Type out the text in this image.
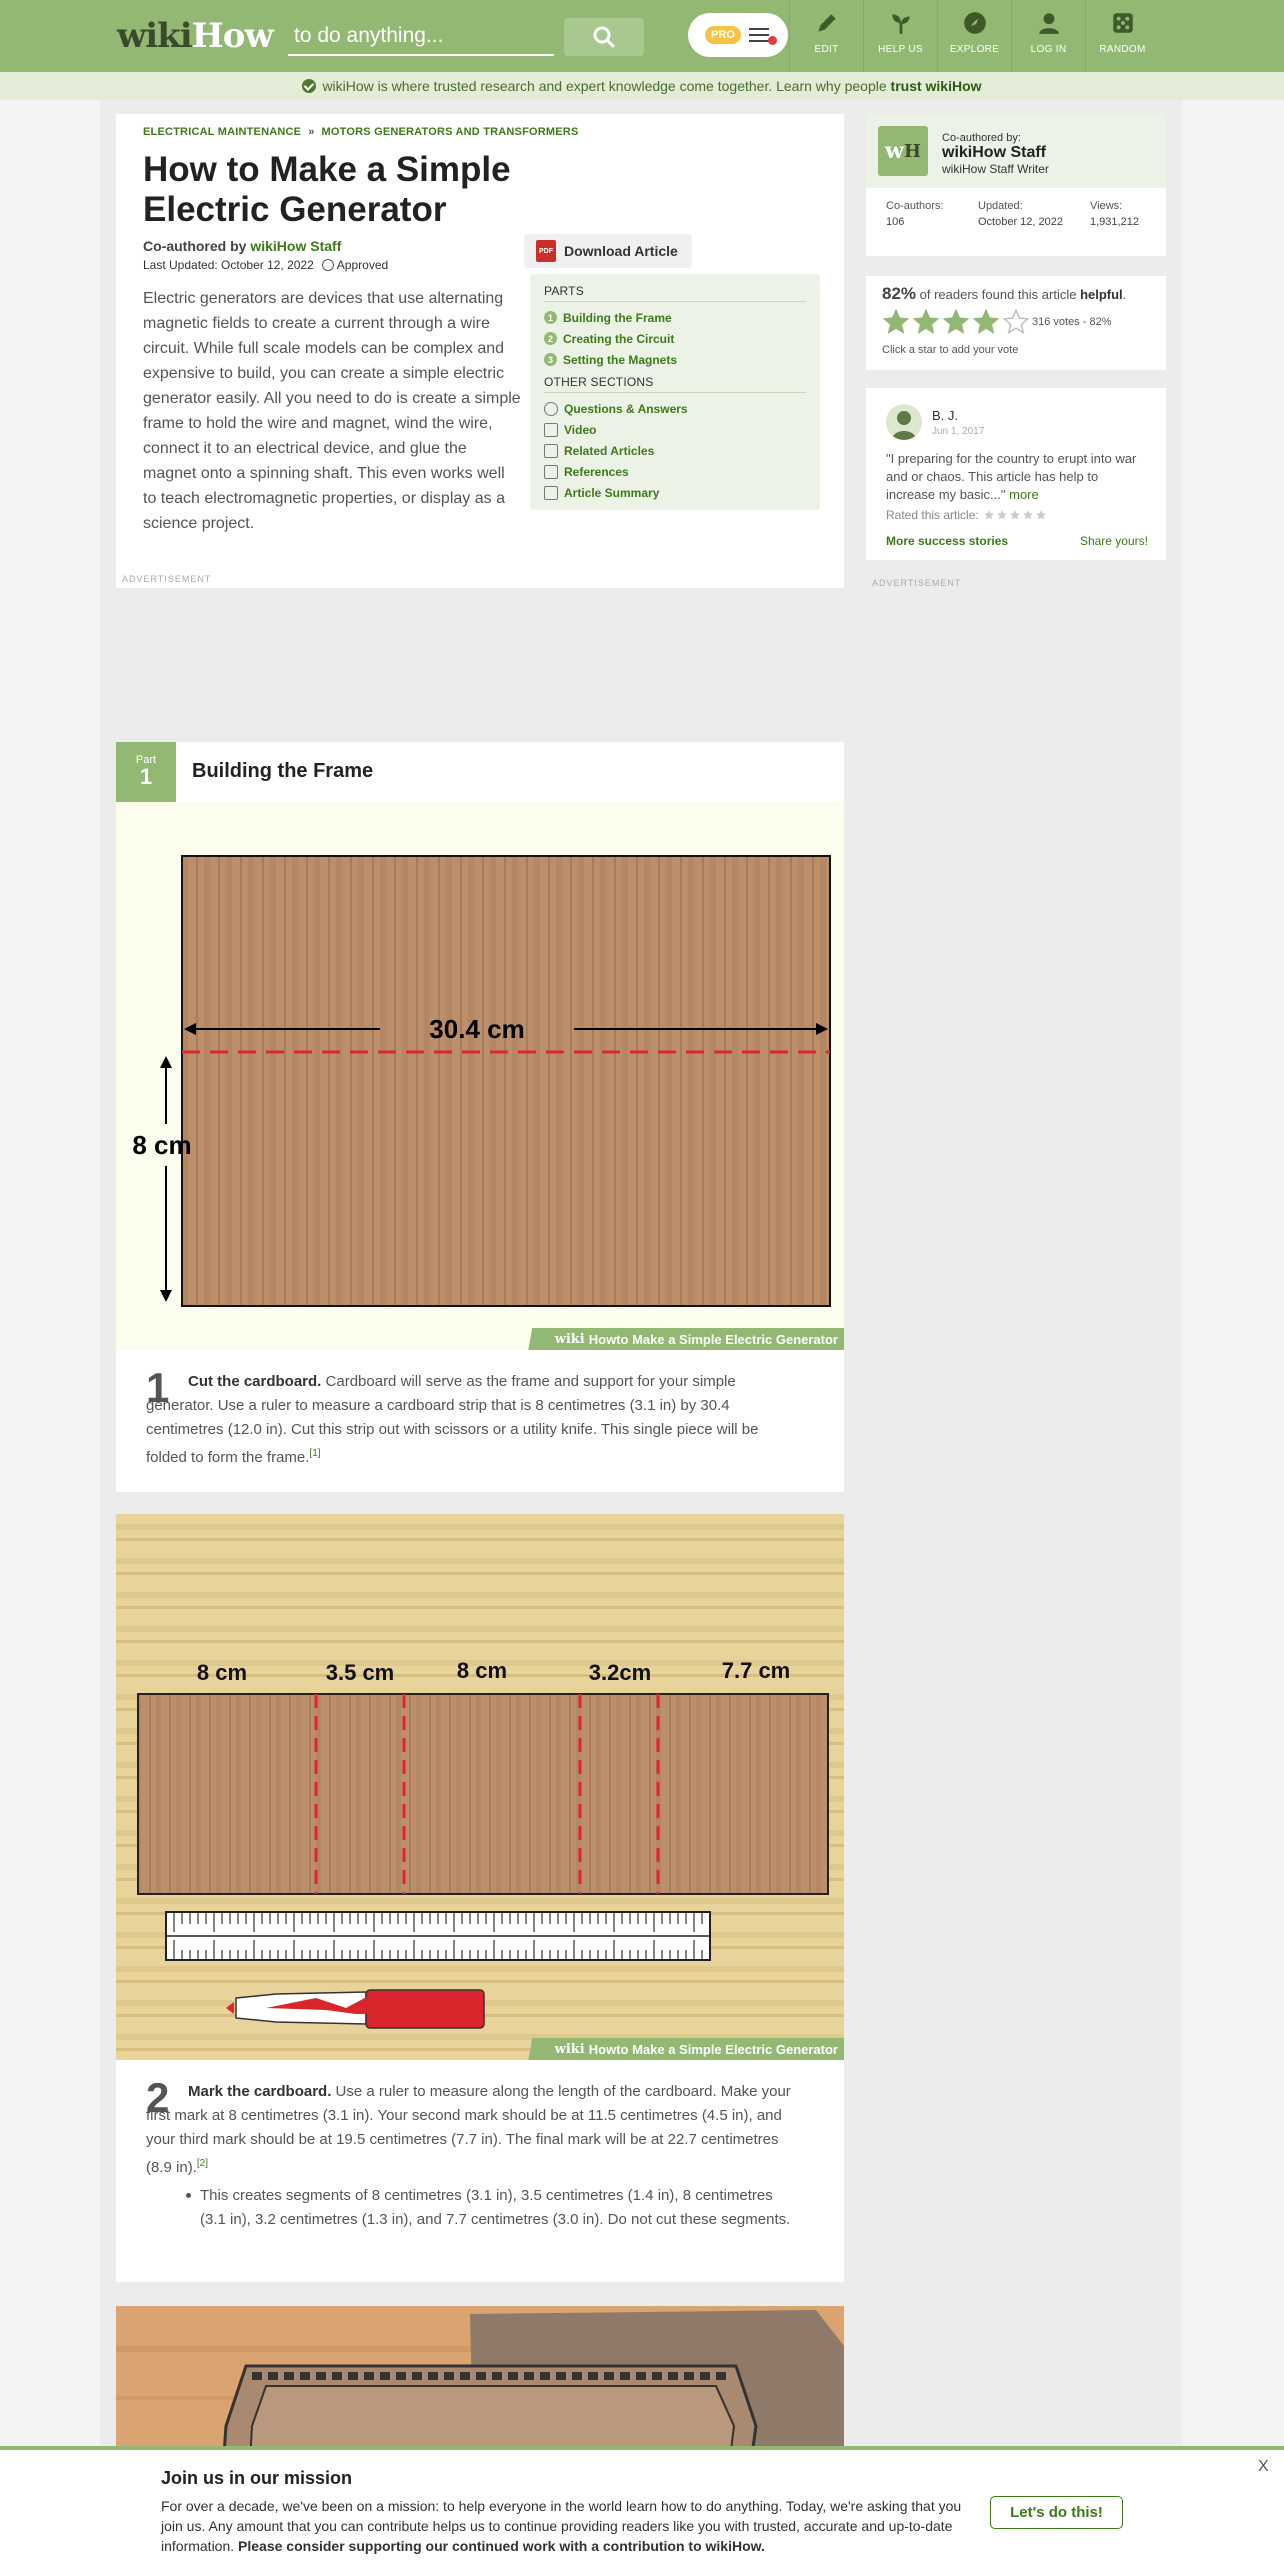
wikiHow
to do anything...	PRO
EDIT	HELP US	EXPLORE	LOG IN	RANDOM
wikiHow is where trusted research and expert knowledge come together. Learn why people trust wikiHow
ELECTRICAL MAINTENANCE » MOTORS GENERATORS AND TRANSFORMERS
How to Make a Simple Electric Generator
Co-authored by wikiHow Staff
Last Updated: October 12, 2022 Approved

Electric generators are devices that use alternating magnetic fields to create a current through a wire circuit. While full scale models can be complex and expensive to build, you can create a simple electric generator easily. All you need to do is create a simple frame to hold the wire and magnet, wind the wire, connect it to an electrical device, and glue the magnet onto a spinning shaft. This even works well to teach electromagnetic properties, or display as a science project.

PDF Download Article
PARTS
1 Building the Frame
2 Creating the Circuit
3 Setting the Magnets
OTHER SECTIONS
Questions & Answers
Video
Related Articles
References
Article Summary
ADVERTISEMENT
w H
Co-authored by:
wikiHow Staff
wikiHow Staff Writer
Co-authors:
106
Updated:
October 12, 2022
Views:
1,931,212
82% of readers found this article helpful.
316 votes - 82%
Click a star to add your vote
B. J.
Jun 1, 2017
"I preparing for the country to erupt into war and or chaos. This article has help to increase my basic..." more
Rated this article:
More success stories	Share yours!
ADVERTISEMENT
Part
1	Building the Frame
30.4 cm
8 cm
wiki How to Make a Simple Electric Generator
1	Cut the cardboard. Cardboard will serve as the frame and support for your simple generator. Use a ruler to measure a cardboard strip that is 8 centimetres (3.1 in) by 30.4 centimetres (12.0 in). Cut this strip out with scissors or a utility knife. This single piece will be folded to form the frame.[1]
8 cm	3.5 cm	8 cm	3.2cm	7.7 cm
wiki How to Make a Simple Electric Generator
2	Mark the cardboard. Use a ruler to measure along the length of the cardboard. Make your first mark at 8 centimetres (3.1 in). Your second mark should be at 11.5 centimetres (4.5 in), and your third mark should be at 19.5 centimetres (7.7 in). The final mark will be at 22.7 centimetres (8.9 in).[2]
This creates segments of 8 centimetres (3.1 in), 3.5 centimetres (1.4 in), 8 centimetres (3.1 in), 3.2 centimetres (1.3 in), and 7.7 centimetres (3.0 in). Do not cut these segments.
Join us in our mission
For over a decade, we've been on a mission: to help everyone in the world learn how to do anything. Today, we're asking that you join us. Any amount that you can contribute helps us to continue providing readers like you with trusted, accurate and up-to-date information. Please consider supporting our continued work with a contribution to wikiHow.
Let's do this!
X
